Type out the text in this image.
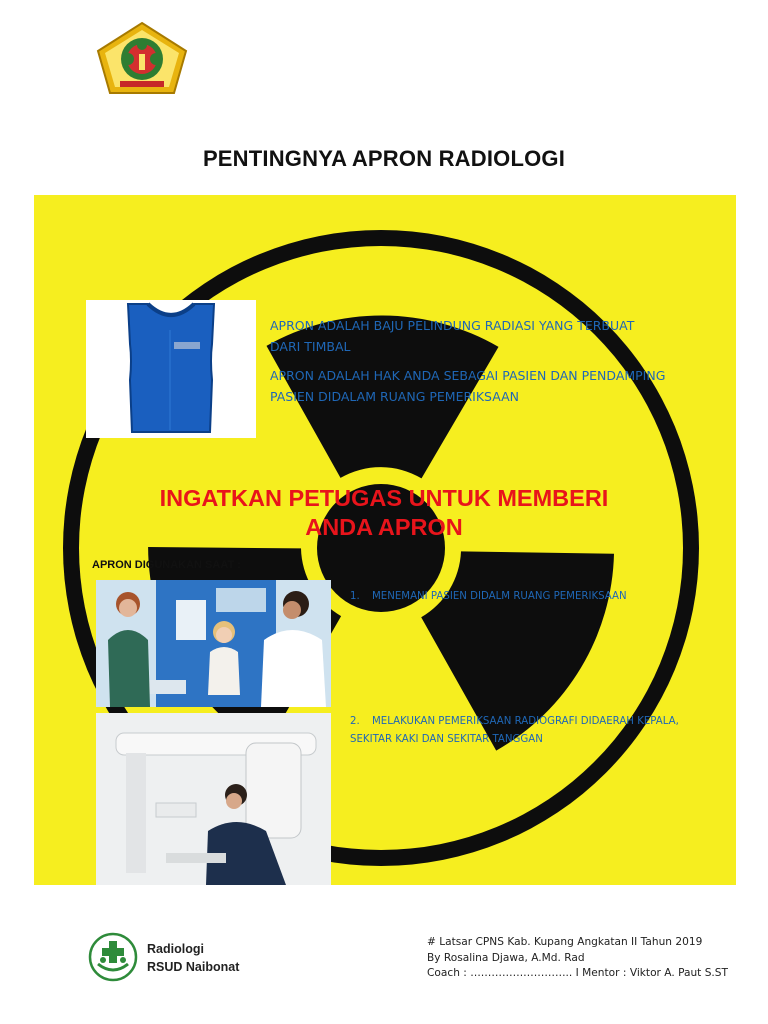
PENTINGNYA APRON RADIOLOGI
APRON ADALAH BAJU PELINDUNG RADIASI YANG TERBUAT DARI TIMBAL
APRON ADALAH HAK ANDA SEBAGAI PASIEN DAN PENDAMPING PASIEN DIDALAM RUANG PEMERIKSAAN
INGATKAN PETUGAS UNTUK MEMBERI
ANDA APRON
APRON DIGUNAKAN SAAT :
1. MENEMANI PASIEN DIDALM RUANG PEMERIKSAAN
2. MELAKUKAN PEMERIKSAAN RADIOGRAFI DIDAERAH KEPALA, SEKITAR KAKI DAN SEKITAR TANGGAN
Radiologi
RSUD Naibonat
# Latsar CPNS Kab. Kupang Angkatan II Tahun 2019
By Rosalina Djawa, A.Md. Rad
Coach : ……………………….. I Mentor : Viktor A. Paut S.ST
